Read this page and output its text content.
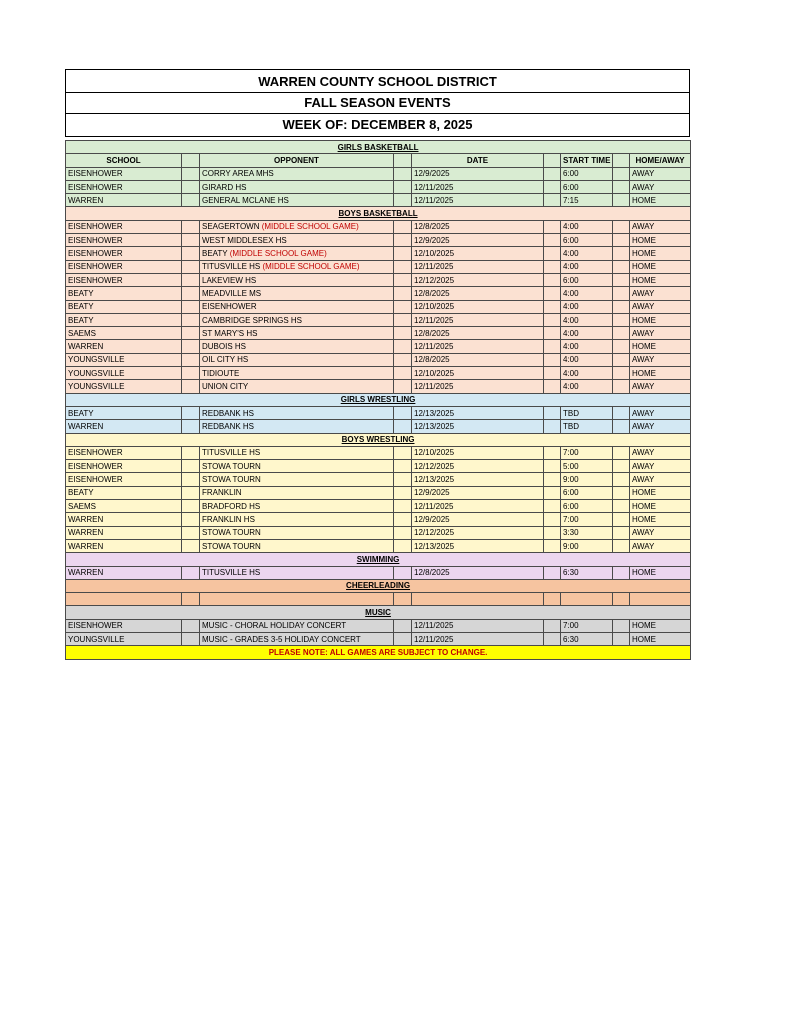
WARREN COUNTY SCHOOL DISTRICT
FALL SEASON EVENTS
WEEK OF: DECEMBER 8, 2025
GIRLS BASKETBALL								
SCHOOL		OPPONENT		DATE		START TIME		HOME/AWAY
EISENHOWER		CORRY AREA MHS		12/9/2025		6:00		AWAY
EISENHOWER		GIRARD HS		12/11/2025		6:00		AWAY
WARREN		GENERAL MCLANE HS		12/11/2025		7:15		HOME
BOYS BASKETBALL								
EISENHOWER		SEAGERTOWN (MIDDLE SCHOOL GAME)		12/8/2025		4:00		AWAY
EISENHOWER		WEST MIDDLESEX HS		12/9/2025		6:00		HOME
EISENHOWER		BEATY (MIDDLE SCHOOL GAME)		12/10/2025		4:00		HOME
EISENHOWER		TITUSVILLE HS (MIDDLE SCHOOL GAME)		12/11/2025		4:00		HOME
EISENHOWER		LAKEVIEW HS		12/12/2025		6:00		HOME
BEATY		MEADVILLE MS		12/8/2025		4:00		AWAY
BEATY		EISENHOWER		12/10/2025		4:00		AWAY
BEATY		CAMBRIDGE SPRINGS HS		12/11/2025		4:00		HOME
SAEMS		ST MARY'S HS		12/8/2025		4:00		AWAY
WARREN		DUBOIS HS		12/11/2025		4:00		HOME
YOUNGSVILLE		OIL CITY HS		12/8/2025		4:00		AWAY
YOUNGSVILLE		TIDIOUTE		12/10/2025		4:00		HOME
YOUNGSVILLE		UNION CITY		12/11/2025		4:00		AWAY
GIRLS WRESTLING								
BEATY		REDBANK HS		12/13/2025		TBD		AWAY
WARREN		REDBANK HS		12/13/2025		TBD		AWAY
BOYS WRESTLING								
EISENHOWER		TITUSVILLE HS		12/10/2025		7:00		AWAY
EISENHOWER		STOWA TOURN		12/12/2025		5:00		AWAY
EISENHOWER		STOWA TOURN		12/13/2025		9:00		AWAY
BEATY		FRANKLIN		12/9/2025		6:00		HOME
SAEMS		BRADFORD HS		12/11/2025		6:00		HOME
WARREN		FRANKLIN HS		12/9/2025		7:00		HOME
WARREN		STOWA TOURN		12/12/2025		3:30		AWAY
WARREN		STOWA TOURN		12/13/2025		9:00		AWAY
SWIMMING								
WARREN		TITUSVILLE HS		12/8/2025		6:30		HOME
CHEERLEADING								

MUSIC								
EISENHOWER		MUSIC - CHORAL HOLIDAY CONCERT		12/11/2025		7:00		HOME
YOUNGSVILLE		MUSIC - GRADES 3-5 HOLIDAY CONCERT		12/11/2025		6:30		HOME
PLEASE NOTE: ALL GAMES ARE SUBJECT TO CHANGE.								
